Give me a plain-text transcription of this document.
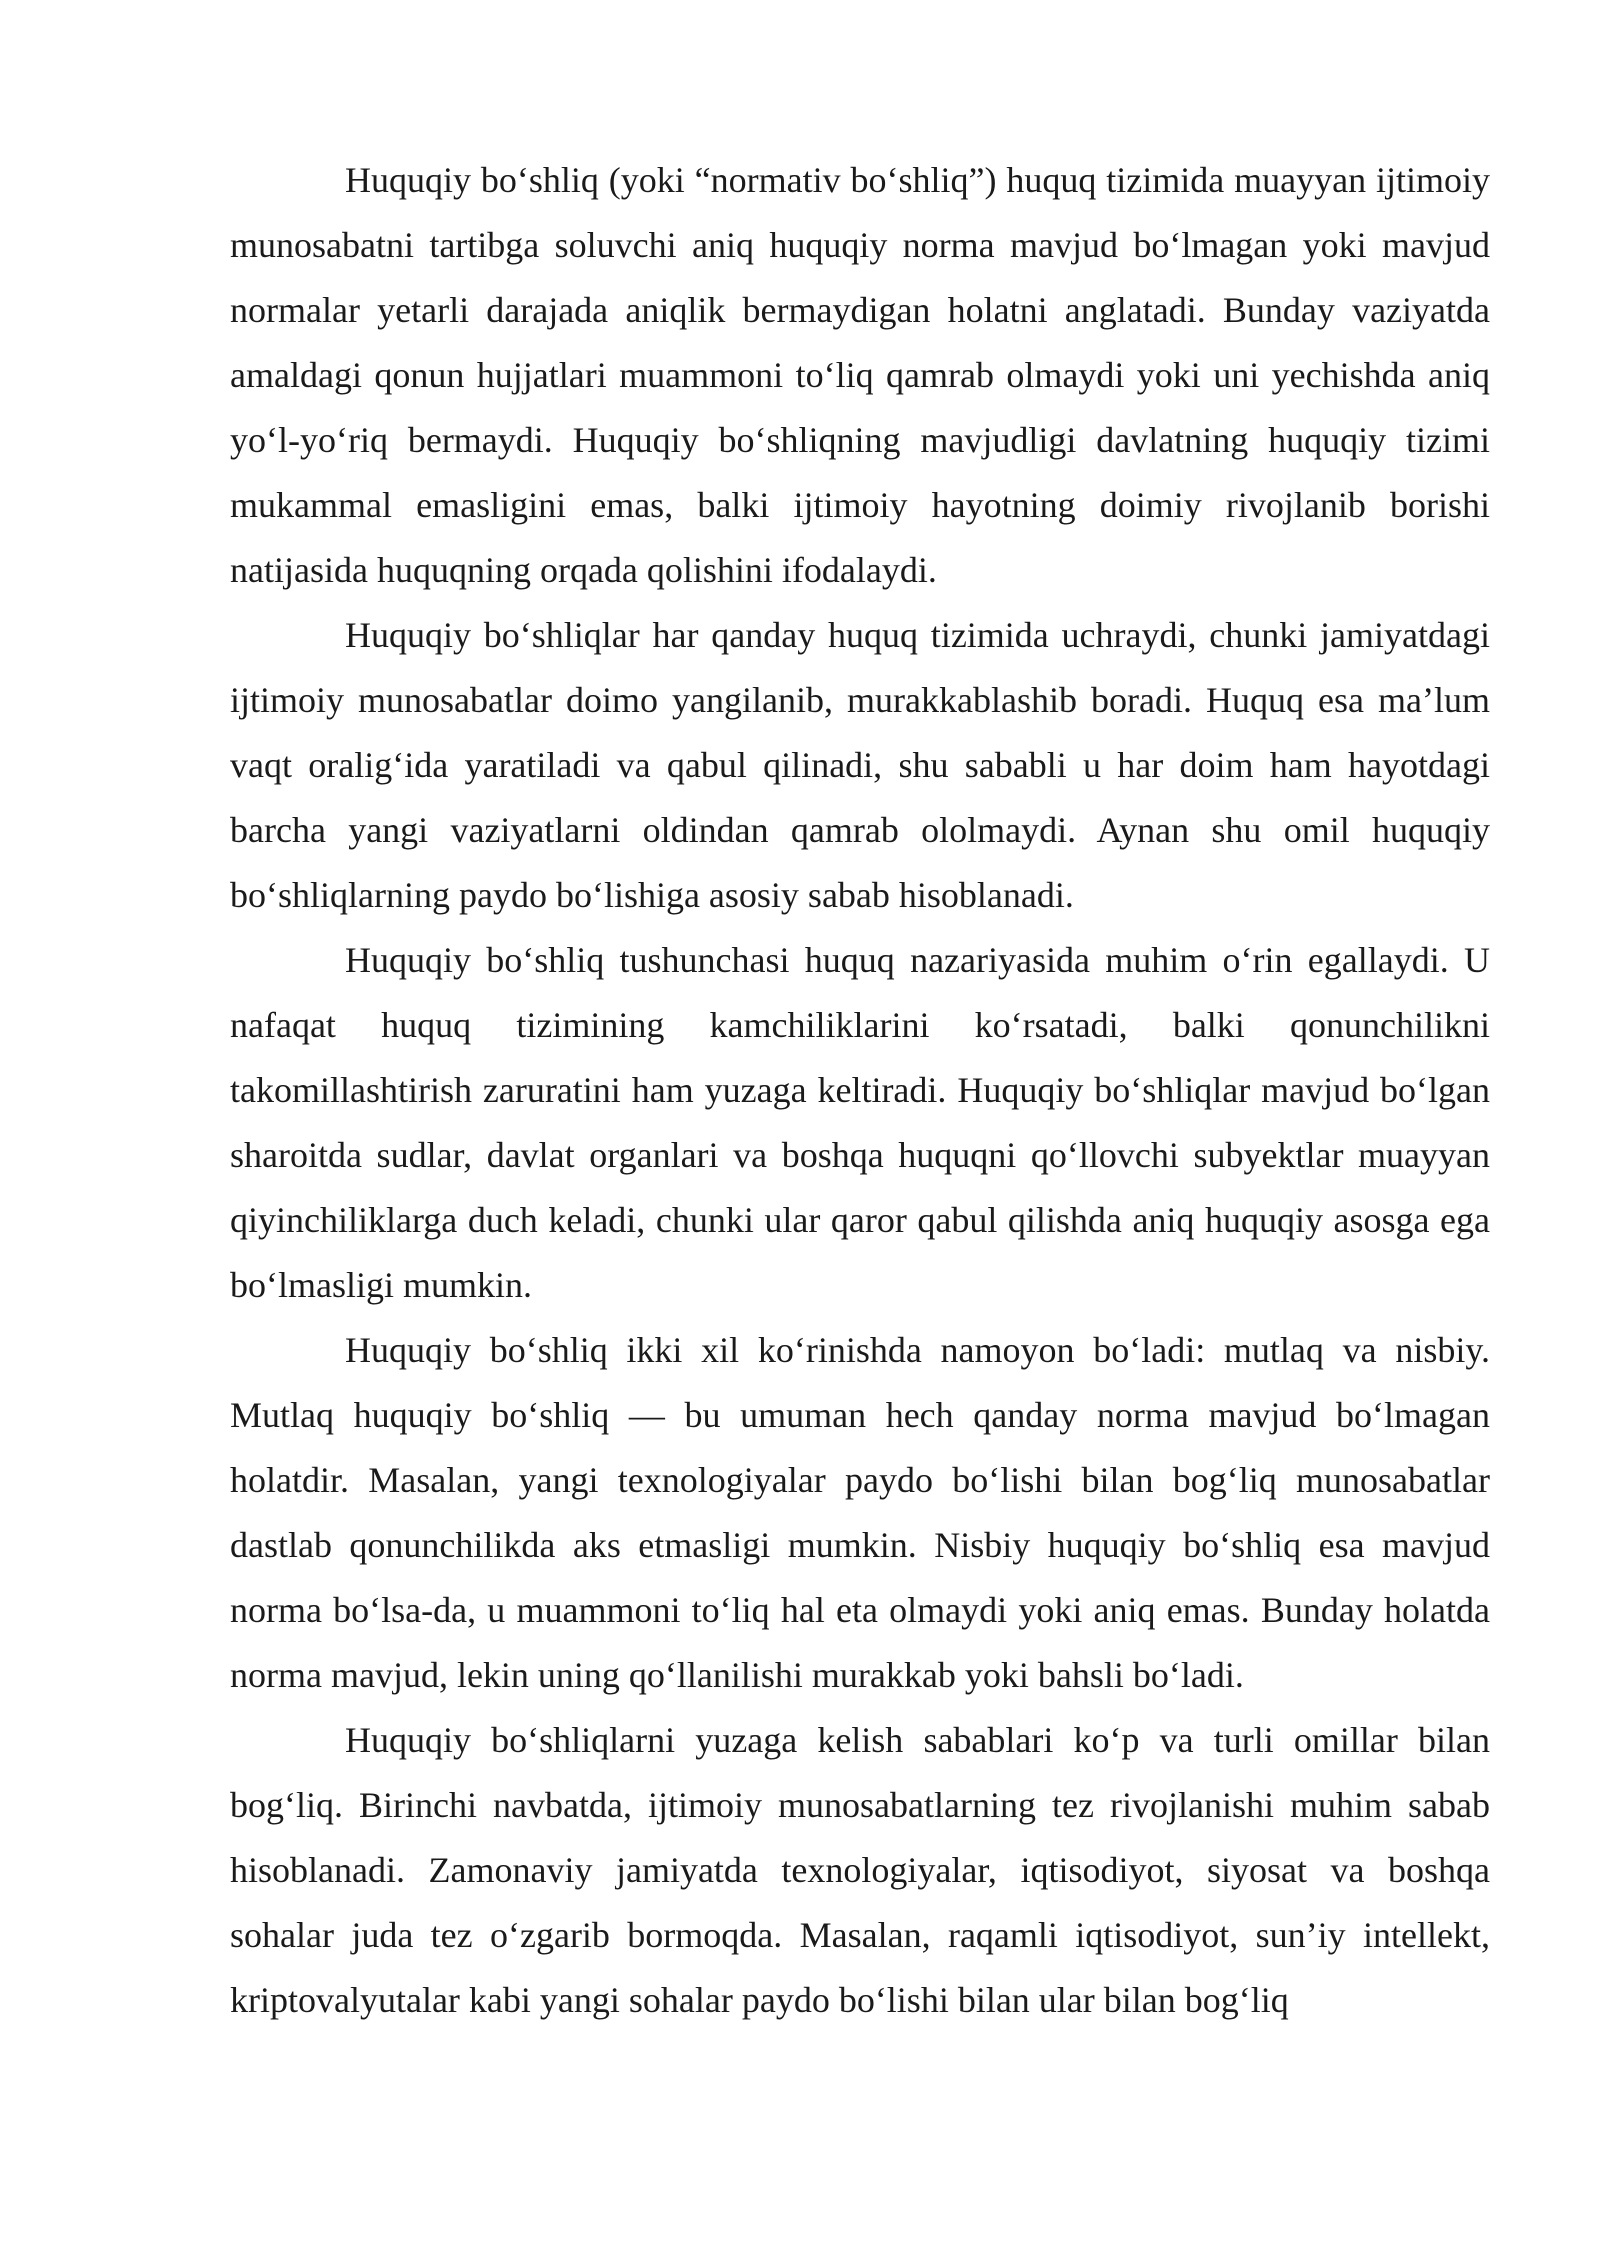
Huquqiy bo‘shliq (yoki “normativ bo‘shliq”) huquq tizimida muayyan ijtimoiy munosabatni tartibga soluvchi aniq huquqiy norma mavjud bo‘lmagan yoki mavjud normalar yetarli darajada aniqlik bermaydigan holatni anglatadi. Bunday vaziyatda amaldagi qonun hujjatlari muammoni to‘liq qamrab olmaydi yoki uni yechishda aniq yo‘l-yo‘riq bermaydi. Huquqiy bo‘shliqning mavjudligi davlatning huquqiy tizimi mukammal emasligini emas, balki ijtimoiy hayotning doimiy rivojlanib borishi natijasida huquqning orqada qolishini ifodalaydi.

Huquqiy bo‘shliqlar har qanday huquq tizimida uchraydi, chunki jamiyatdagi ijtimoiy munosabatlar doimo yangilanib, murakkablashib boradi. Huquq esa ma’lum vaqt oralig‘ida yaratiladi va qabul qilinadi, shu sababli u har doim ham hayotdagi barcha yangi vaziyatlarni oldindan qamrab ololmaydi. Aynan shu omil huquqiy bo‘shliqlarning paydo bo‘lishiga asosiy sabab hisoblanadi.

Huquqiy bo‘shliq tushunchasi huquq nazariyasida muhim o‘rin egallaydi. U nafaqat huquq tizimining kamchiliklarini ko‘rsatadi, balki qonunchilikni takomillashtirish zaruratini ham yuzaga keltiradi. Huquqiy bo‘shliqlar mavjud bo‘lgan sharoitda sudlar, davlat organlari va boshqa huquqni qo‘llovchi subyektlar muayyan qiyinchiliklarga duch keladi, chunki ular qaror qabul qilishda aniq huquqiy asosga ega bo‘lmasligi mumkin.

Huquqiy bo‘shliq ikki xil ko‘rinishda namoyon bo‘ladi: mutlaq va nisbiy. Mutlaq huquqiy bo‘shliq — bu umuman hech qanday norma mavjud bo‘lmagan holatdir. Masalan, yangi texnologiyalar paydo bo‘lishi bilan bog‘liq munosabatlar dastlab qonunchilikda aks etmasligi mumkin. Nisbiy huquqiy bo‘shliq esa mavjud norma bo‘lsa-da, u muammoni to‘liq hal eta olmaydi yoki aniq emas. Bunday holatda norma mavjud, lekin uning qo‘llanilishi murakkab yoki bahsli bo‘ladi.

Huquqiy bo‘shliqlarni yuzaga kelish sabablari ko‘p va turli omillar bilan bog‘liq. Birinchi navbatda, ijtimoiy munosabatlarning tez rivojlanishi muhim sabab hisoblanadi. Zamonaviy jamiyatda texnologiyalar, iqtisodiyot, siyosat va boshqa sohalar juda tez o‘zgarib bormoqda. Masalan, raqamli iqtisodiyot, sun’iy intellekt, kriptovalyutalar kabi yangi sohalar paydo bo‘lishi bilan ular bilan bog‘liq
